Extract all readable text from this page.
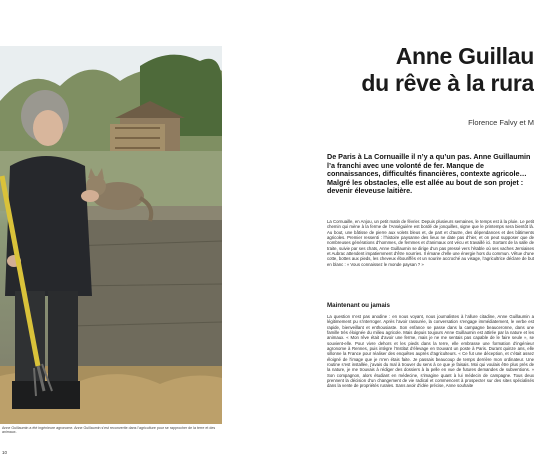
Anne Guillaumin a été ingénieure agronome. Anne Guillaumin s’est reconvertie dans l’agriculture pour se rapprocher de la terre et des animaux.
10
Anne Guillau
du rêve à la rura
Florence Falvy et M

De Paris à La Cornuaille il n’y a qu’un pas. Anne Guillaumin l’a franchi avec une volonté de fer. Manque de connaissances, difficultés financières, contexte agricole… Malgré les obstacles, elle est allée au bout de son projet : devenir éleveuse laitière.

La Cornuaille, en Anjou, un petit matin de février. Depuis plusieurs semaines, le temps est à la pluie. Le petit chemin qui mène à la ferme de l’Anséguière est bordé de jonquilles, signe que le printemps sera bientôt là. Au bout, une bâtisse de pierre aux volets bleus et, de part et d’autre, des dépendances et des bâtiments agricoles. Premier ressenti : l’histoire paysanne des lieux ne date pas d’hier, et on peut supposer que de nombreuses générations d’hommes, de femmes et d’animaux ont vécu et travaillé ici. Sortant de la salle de traite, suivie par ses chats, Anne Guillaumin se dirige d’un pas pressé vers l’étable où ses vaches Jersiaises et Aubrac attendent impatiemment d’être nourries. Il émane d’elle une énergie hors du commun. Vêtue d’une cotte, bottes aux pieds, les cheveux ébouriffés et un sourire accroché au visage, l’agricultrice déclare de but en blanc : « Vous connaissez le monde paysan ? »

Maintenant ou jamais

La question n’est pas anodine : en nous voyant, nous journalistes à l’allure citadine, Anne Guillaumin a légitimement pu s’interroger. Après l’avoir rassurée, la conversation s’engage immédiatement, le verbe est rapide, bienveillant et enthousiaste. Son enfance se passe dans la campagne beauceronne, dans une famille très éloignée du milieu agricole. Mais depuis toujours Anne Guillaumin est attirée par la nature et les animaux. « Mon rêve était d’avoir une ferme, mais je ne me sentais pas capable de le faire seule », se souvient-elle. Pour vivre dehors et les pieds dans la terre, elle embrasse une formation d’ingénieur agronome à Rennes, puis intègre l’Institut d’élevage en trouvant un poste à Paris. Durant quinze ans, elle sillonne la France pour réaliser des enquêtes auprès d’agriculteurs. « Ce fut une déception, et c’était assez éloigné de l’image que je m’en étais faite. Je passais beaucoup de temps derrière mon ordinateur. Une routine s’est installée, j’avais du mal à trouver du sens à ce que je faisais. Moi qui voulais être plus près de la nature, je me trouvais à rédiger des dossiers à la pelle en vue de futures demandes de subventions. » Son compagnon, alors étudiant en médecine, s’imagine quant à lui médecin de campagne. Tous deux prennent la décision d’un changement de vie radical et commencent à prospecter sur des sites spécialisés dans la vente de propriétés rurales. Sans avoir d’idée précise, Anne souhaite
